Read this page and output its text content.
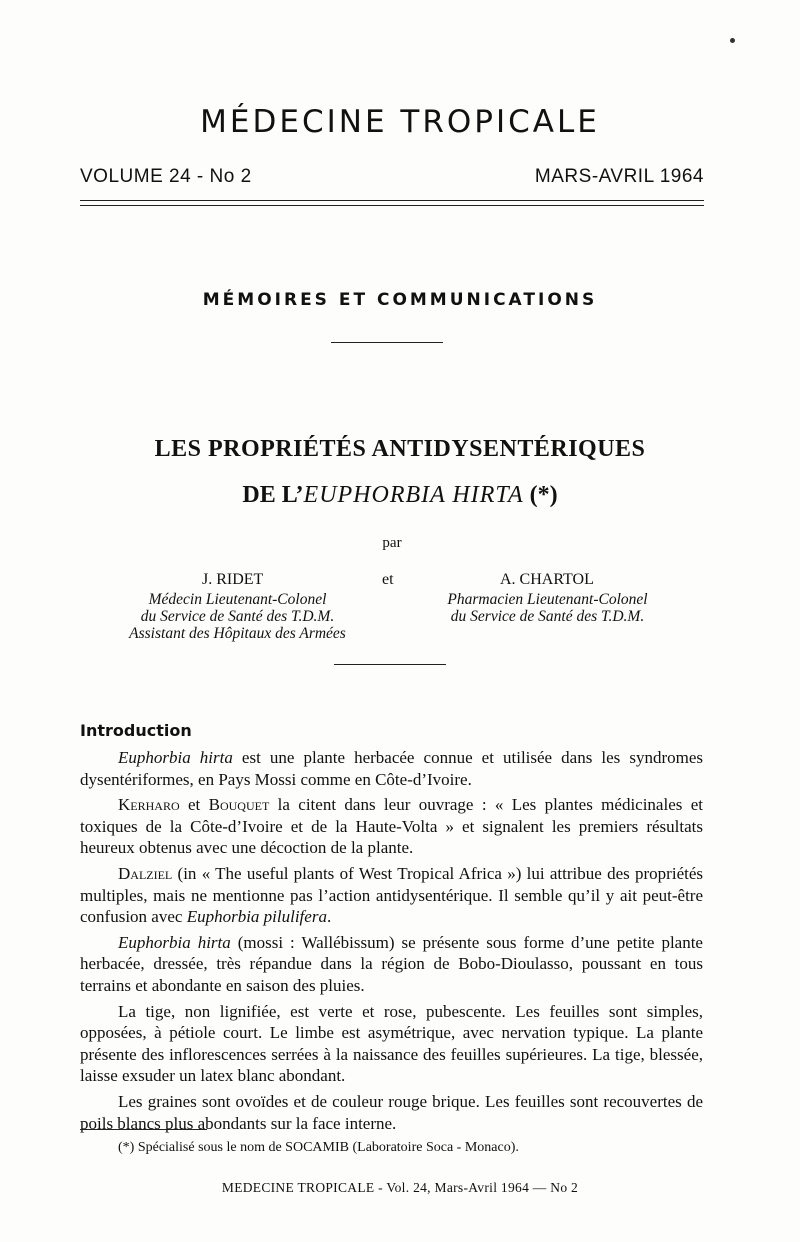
MÉDECINE TROPICALE
VOLUME 24 - No 2	MARS-AVRIL 1964
MÉMOIRES ET COMMUNICATIONS
LES PROPRIÉTÉS ANTIDYSENTÉRIQUES
DE L’EUPHORBIA HIRTA (*)
par
J. RIDET	et	A. CHARTOL
Médecin Lieutenant-Colonel
du Service de Santé des T.D.M.
Assistant des Hôpitaux des Armées
Pharmacien Lieutenant-Colonel
du Service de Santé des T.D.M.
Introduction

Euphorbia hirta est une plante herbacée connue et utilisée dans les syndromes dysentériformes, en Pays Mossi comme en Côte-d’Ivoire.

Kerharo et Bouquet la citent dans leur ouvrage : « Les plantes médicinales et toxiques de la Côte-d’Ivoire et de la Haute-Volta » et signalent les premiers résultats heureux obtenus avec une décoction de la plante.

Dalziel (in « The useful plants of West Tropical Africa ») lui attribue des propriétés multiples, mais ne mentionne pas l’action antidysentérique. Il semble qu’il y ait peut-être confusion avec Euphorbia pilulifera.

Euphorbia hirta (mossi : Wallébissum) se présente sous forme d’une petite plante herbacée, dressée, très répandue dans la région de Bobo-Dioulasso, poussant en tous terrains et abondante en saison des pluies.

La tige, non lignifiée, est verte et rose, pubescente. Les feuilles sont simples, opposées, à pétiole court. Le limbe est asymétrique, avec nervation typique. La plante présente des inflorescences serrées à la naissance des feuilles supérieures. La tige, blessée, laisse exsuder un latex blanc abondant.

Les graines sont ovoïdes et de couleur rouge brique. Les feuilles sont recouvertes de poils blancs plus abondants sur la face interne.

(*) Spécialisé sous le nom de SOCAMIB (Laboratoire Soca - Monaco).
MEDECINE TROPICALE - Vol. 24, Mars-Avril 1964 — No 2
